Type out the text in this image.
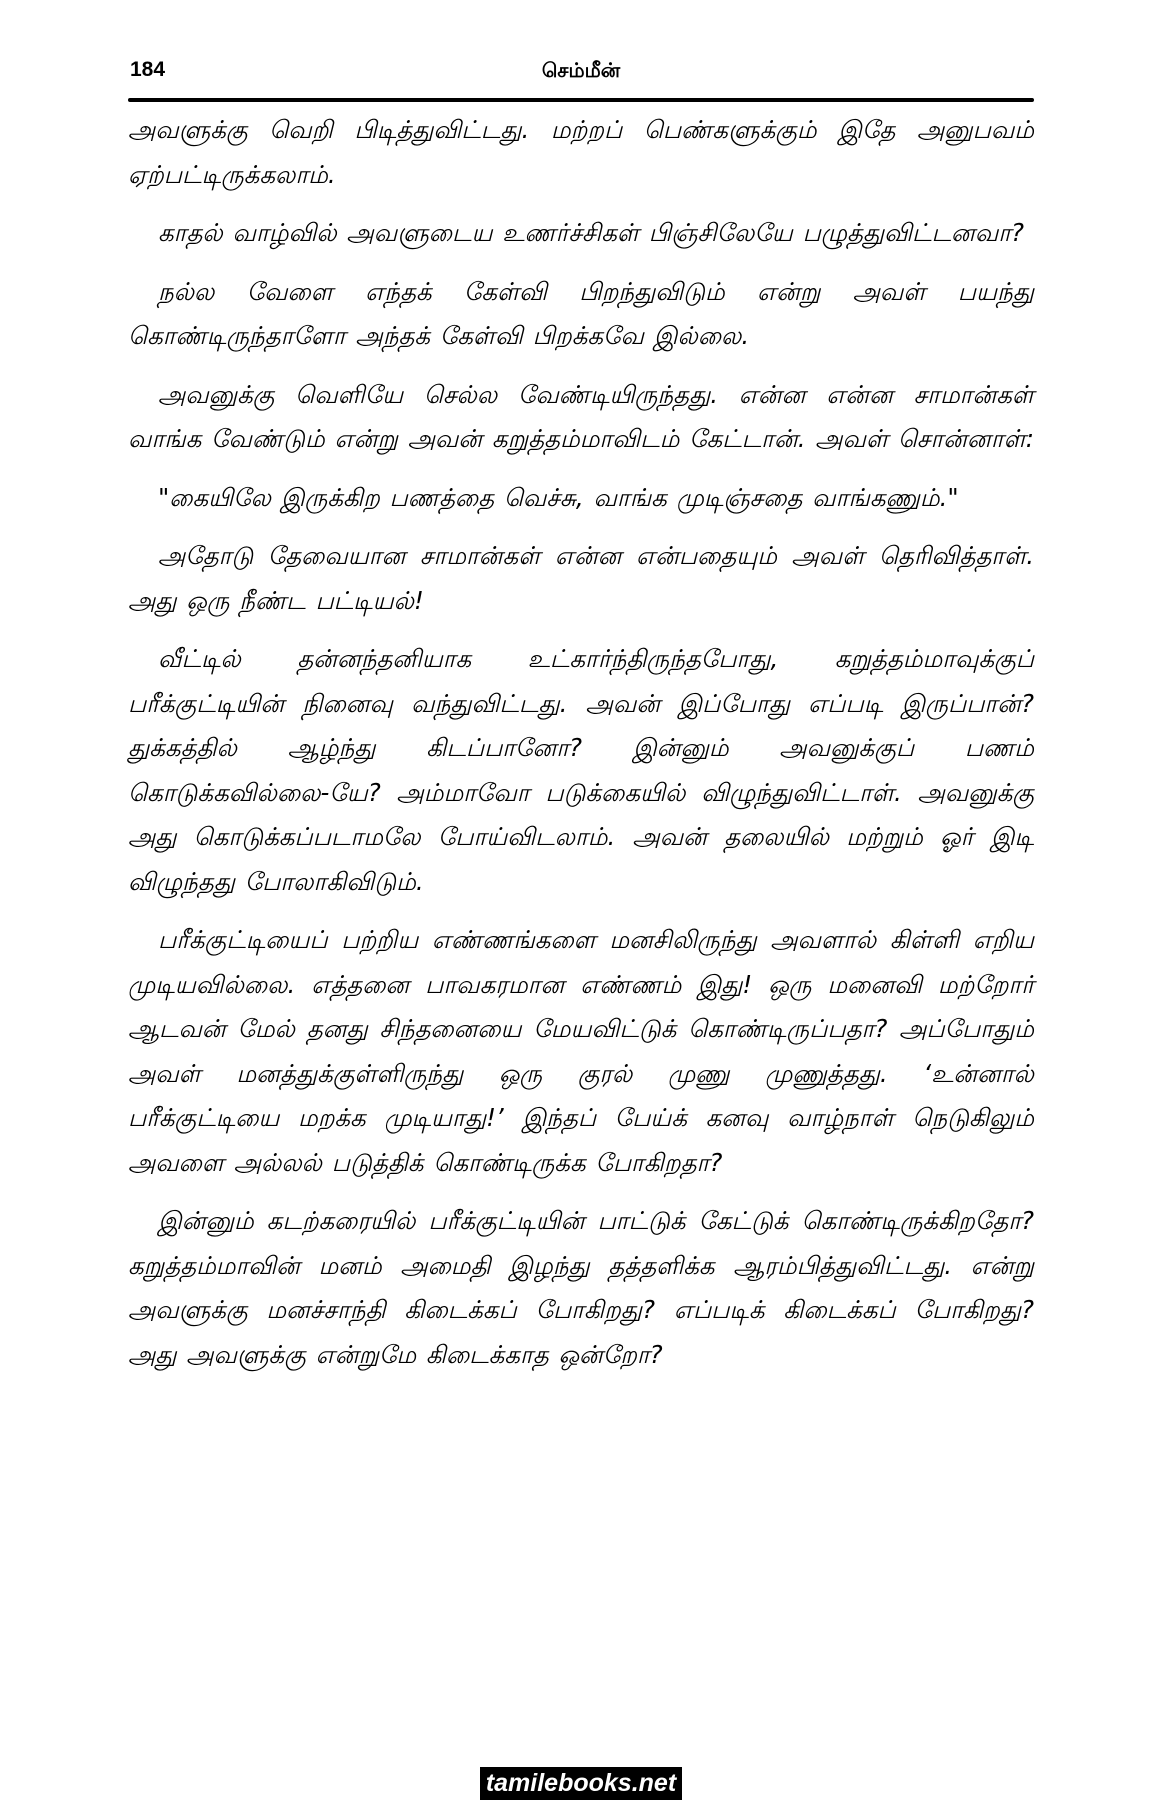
184	செம்மீன்

அவளுக்கு வெறி பிடித்துவிட்டது. மற்றப் பெண்களுக்கும் இதே அனுபவம் ஏற்பட்டிருக்கலாம்.

காதல் வாழ்வில் அவளுடைய உணர்ச்சிகள் பிஞ்சிலேயே பழுத்துவிட்டனவா?

நல்ல வேளை எந்தக் கேள்வி பிறந்துவிடும் என்று அவள் பயந்து கொண்டிருந்தாளோ அந்தக் கேள்வி பிறக்கவே இல்லை.

அவனுக்கு வெளியே செல்ல வேண்டியிருந்தது. என்ன என்ன சாமான்கள் வாங்க வேண்டும் என்று அவன் கறுத்தம்மாவிடம் கேட்டான். அவள் சொன்னாள்:

"கையிலே இருக்கிற பணத்தை வெச்சு, வாங்க முடிஞ்சதை வாங்கணும்."

அதோடு தேவையான சாமான்கள் என்ன என்பதையும் அவள் தெரிவித்தாள். அது ஒரு நீண்ட பட்டியல்!

வீட்டில் தன்னந்தனியாக உட்கார்ந்திருந்தபோது, கறுத்தம்மாவுக்குப் பரீக்குட்டியின் நினைவு வந்துவிட்டது. அவன் இப்போது எப்படி இருப்பான்? துக்கத்தில் ஆழ்ந்து கிடப்பானோ? இன்னும் அவனுக்குப் பணம் கொடுக்கவில்லை-யே? அம்மாவோ படுக்கையில் விழுந்துவிட்டாள். அவனுக்கு அது கொடுக்கப்படாமலே போய்விடலாம். அவன் தலையில் மற்றும் ஓர் இடி விழுந்தது போலாகிவிடும்.

பரீக்குட்டியைப் பற்றிய எண்ணங்களை மனசிலிருந்து அவளால் கிள்ளி எறிய முடியவில்லை. எத்தனை பாவகரமான எண்ணம் இது! ஒரு மனைவி மற்றோர் ஆடவன் மேல் தனது சிந்தனையை மேயவிட்டுக் கொண்டிருப்பதா? அப்போதும் அவள் மனத்துக்குள்ளிருந்து ஒரு குரல் முணு முணுத்தது. ‘உன்னால் பரீக்குட்டியை மறக்க முடியாது!’ இந்தப் பேய்க் கனவு வாழ்நாள் நெடுகிலும் அவளை அல்லல் படுத்திக் கொண்டிருக்க போகிறதா?

இன்னும் கடற்கரையில் பரீக்குட்டியின் பாட்டுக் கேட்டுக் கொண்டிருக்கிறதோ? கறுத்தம்மாவின் மனம் அமைதி இழந்து தத்தளிக்க ஆரம்பித்துவிட்டது. என்று அவளுக்கு மனச்சாந்தி கிடைக்கப் போகிறது? எப்படிக் கிடைக்கப் போகிறது? அது அவளுக்கு என்றுமே கிடைக்காத ஒன்றோ?

tamilebooks.net
